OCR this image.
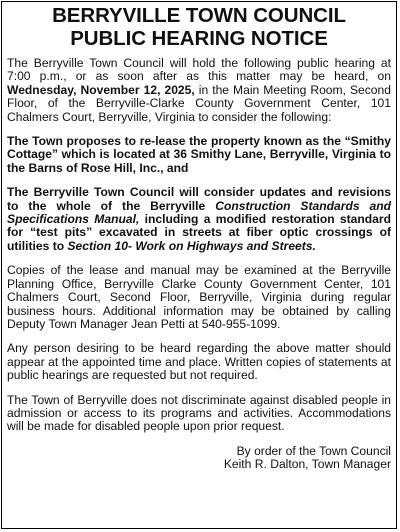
BERRYVILLE TOWN COUNCIL
PUBLIC HEARING NOTICE

The Berryville Town Council will hold the following public hearing at 7:00 p.m., or as soon after as this matter may be heard, on Wednesday, November 12, 2025, in the Main Meeting Room, Second Floor, of the Berryville-Clarke County Government Center, 101 Chalmers Court, Berryville, Virginia to consider the following:

The Town proposes to re-lease the property known as the “Smithy Cottage” which is located at 36 Smithy Lane, Berryville, Virginia to the Barns of Rose Hill, Inc., and

The Berryville Town Council will consider updates and revisions to the whole of the Berryville Construction Standards and Specifications Manual, including a modified restoration standard for “test pits” excavated in streets at fiber optic crossings of utilities to Section 10- Work on Highways and Streets.

Copies of the lease and manual may be examined at the Berryville Planning Office, Berryville Clarke County Government Center, 101 Chalmers Court, Second Floor, Berryville, Virginia during regular business hours. Additional information may be obtained by calling Deputy Town Manager Jean Petti at 540-955-1099.

Any person desiring to be heard regarding the above matter should appear at the appointed time and place. Written copies of statements at public hearings are requested but not required.

The Town of Berryville does not discriminate against disabled people in admission or access to its programs and activities. Accommodations will be made for disabled people upon prior request.

By order of the Town Council
Keith R. Dalton, Town Manager
